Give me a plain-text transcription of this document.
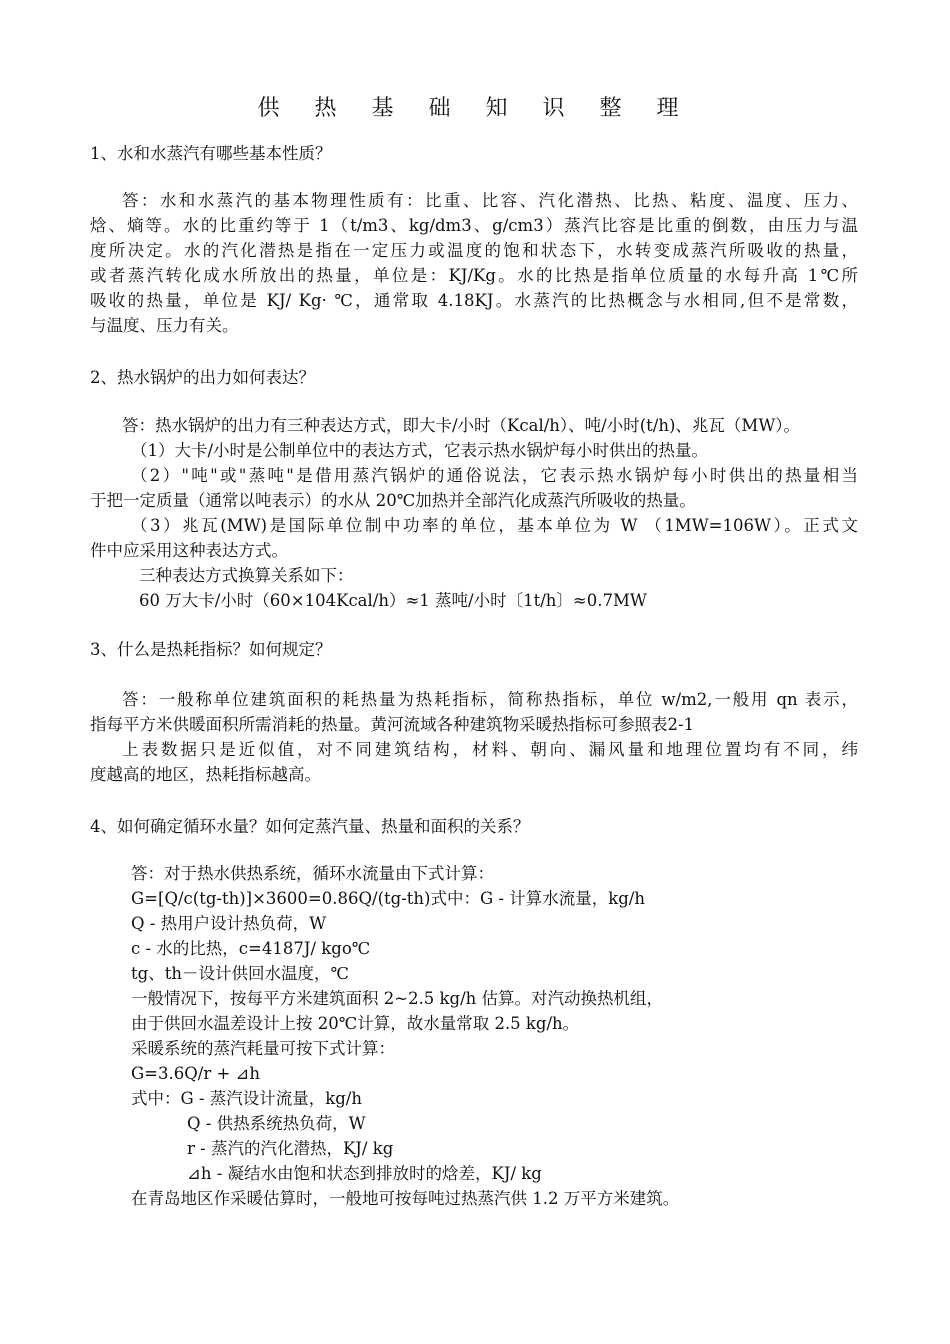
供 热 基 础 知 识 整 理
1、水和水蒸汽有哪些基本性质？
答：水和水蒸汽的基本物理性质有：比重、比容、汽化潜热、比热、粘度、温度、压力、
焓、熵等。水的比重约等于 1（t/m3、kg/dm3、g/cm3）蒸汽比容是比重的倒数，由压力与温
度所决定。水的汽化潜热是指在一定压力或温度的饱和状态下，水转变成蒸汽所吸收的热量，
或者蒸汽转化成水所放出的热量，单位是：KJ/Kg。水的比热是指单位质量的水每升高 1℃所
吸收的热量，单位是 KJ/ Kg· ℃，通常取 4.18KJ。水蒸汽的比热概念与水相同,但不是常数，
与温度、压力有关。
2、热水锅炉的出力如何表达？
答：热水锅炉的出力有三种表达方式，即大卡/小时（Kcal/h）、吨/小时(t/h)、兆瓦（MW）。
（1）大卡/小时是公制单位中的表达方式，它表示热水锅炉每小时供出的热量。
（2）"吨"或"蒸吨"是借用蒸汽锅炉的通俗说法，它表示热水锅炉每小时供出的热量相当
于把一定质量（通常以吨表示）的水从 20℃加热并全部汽化成蒸汽所吸收的热量。
（3）兆瓦(MW)是国际单位制中功率的单位，基本单位为 W （1MW=106W）。正式文
件中应采用这种表达方式。
三种表达方式换算关系如下：
60 万大卡/小时（60×104Kcal/h）≈1 蒸吨/小时〔1t/h〕≈0.7MW
3、什么是热耗指标？如何规定？
答：一般称单位建筑面积的耗热量为热耗指标，简称热指标，单位 w/m2,一般用 qn 表示，
指每平方米供暖面积所需消耗的热量。黄河流域各种建筑物采暖热指标可参照表2-1
上表数据只是近似值，对不同建筑结构，材料、朝向、漏风量和地理位置均有不同，纬
度越高的地区，热耗指标越高。
4、如何确定循环水量？如何定蒸汽量、热量和面积的关系？
答：对于热水供热系统，循环水流量由下式计算：
G=[Q/c(tg-th)]×3600=0.86Q/(tg-th)式中：G - 计算水流量，kg/h
Q - 热用户设计热负荷，W
c - 水的比热，c=4187J/ kgo℃
tg、th－设计供回水温度，℃
一般情况下，按每平方米建筑面积 2~2.5 kg/h 估算。对汽动换热机组，
由于供回水温差设计上按 20℃计算，故水量常取 2.5 kg/h。
采暖系统的蒸汽耗量可按下式计算：
G=3.6Q/r + ⊿h
式中：G - 蒸汽设计流量，kg/h
Q - 供热系统热负荷，W
r - 蒸汽的汽化潜热，KJ/ kg
⊿h - 凝结水由饱和状态到排放时的焓差，KJ/ kg
在青岛地区作采暖估算时，一般地可按每吨过热蒸汽供 1.2 万平方米建筑。
